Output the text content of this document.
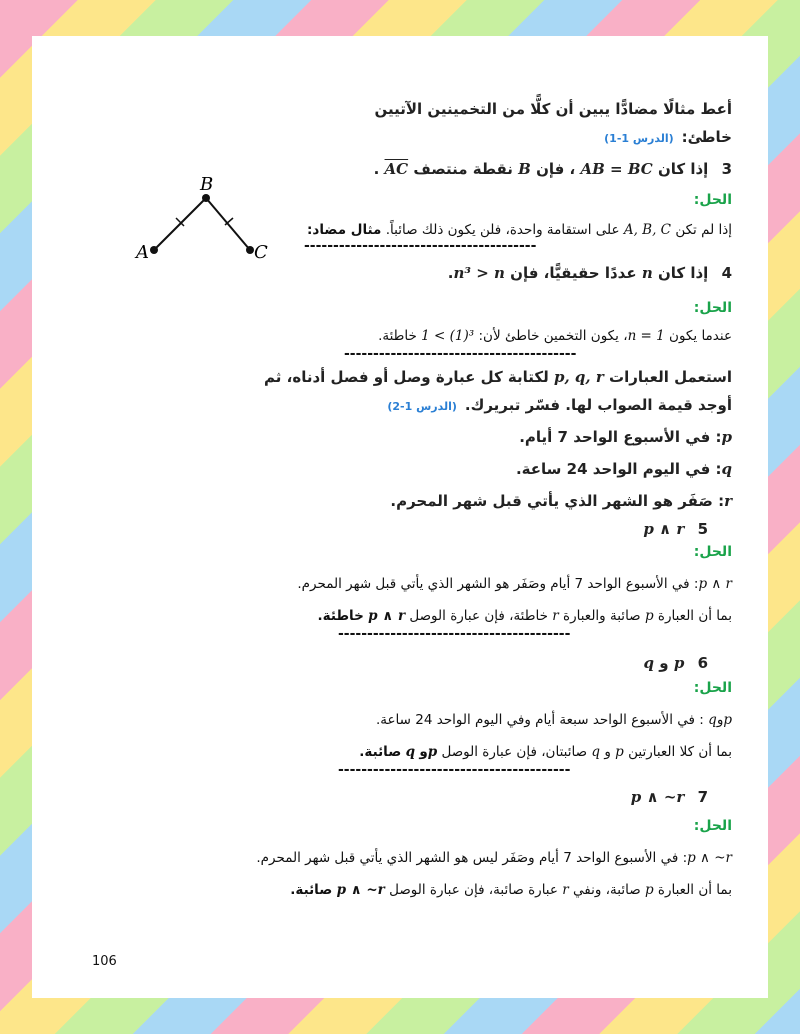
أعط مثالًا مضادًّا يبين أن كلًّا من التخمينين الآتيين
خاطئ:(الدرس 1-1)
3 إذا كان AB = BC ، فإن B نقطة منتصف AC .
الحل:
إذا لم تكن A, B, C على استقامة واحدة، فلن يكون ذلك صائباً. مثال مضاد:
----------------------------------------
A
B
C
4 إذا كان n عددًا حقيقيًّا، فإن n³ > n.
الحل:
عندما يكون n = 1، يكون التخمين خاطئ لأن: 1 < (1)³ خاطئة.
----------------------------------------
استعمل العبارات p, q, r لكتابة كل عبارة وصل أو فصل أدناه، ثم
أوجد قيمة الصواب لها. فسّر تبريرك.(الدرس 1-2)
p: في الأسبوع الواحد 7 أيام.
q: في اليوم الواحد 24 ساعة.
r: صَفَر هو الشهر الذي يأتي قبل شهر المحرم.
5 p ∧ r
الحل:
p ∧ r: في الأسبوع الواحد 7 أيام وصَفَر هو الشهر الذي يأتي قبل شهر المحرم.
بما أن العبارة p صائبة والعبارة r خاطئة، فإن عبارة الوصل p ∧ r خاطئة.
----------------------------------------
6 p و q
الحل:
pوq : في الأسبوع الواحد سبعة أيام وفي اليوم الواحد 24 ساعة.
بما أن كلا العبارتين p و q صائبتان، فإن عبارة الوصل pو q صائبة.
----------------------------------------
7 p ∧ ~r
الحل:
p ∧ ~r: في الأسبوع الواحد 7 أيام وصَفَر ليس هو الشهر الذي يأتي قبل شهر المحرم.
بما أن العبارة p صائبة، ونفي r عبارة صائبة، فإن عبارة الوصل p ∧ ~r صائبة.
106
